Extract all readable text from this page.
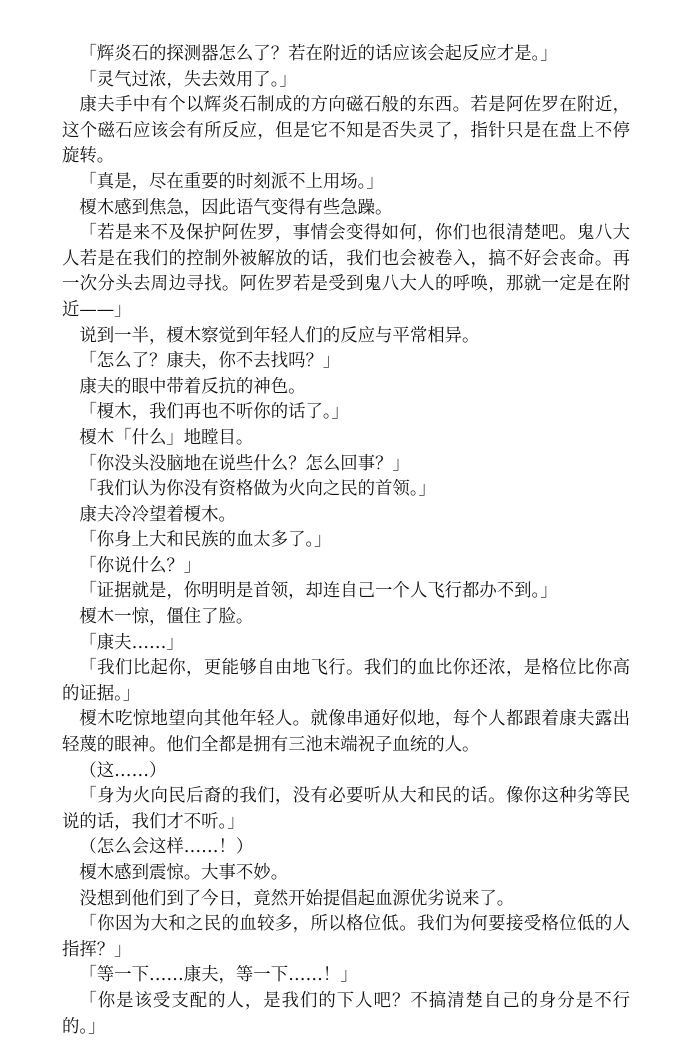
「辉炎石的探测器怎么了？若在附近的话应该会起反应才是。」

「灵气过浓，失去效用了。」

康夫手中有个以辉炎石制成的方向磁石般的东西。若是阿佐罗在附近，这个磁石应该会有所反应，但是它不知是否失灵了，指针只是在盘上不停旋转。

「真是，尽在重要的时刻派不上用场。」

榎木感到焦急，因此语气变得有些急躁。

「若是来不及保护阿佐罗，事情会变得如何，你们也很清楚吧。鬼八大人若是在我们的控制外被解放的话，我们也会被卷入，搞不好会丧命。再一次分头去周边寻找。阿佐罗若是受到鬼八大人的呼唤，那就一定是在附近——」

说到一半，榎木察觉到年轻人们的反应与平常相异。

「怎么了？康夫，你不去找吗？」

康夫的眼中带着反抗的神色。

「榎木，我们再也不听你的话了。」

榎木「什么」地瞠目。

「你没头没脑地在说些什么？怎么回事？」

「我们认为你没有资格做为火向之民的首领。」

康夫冷冷望着榎木。

「你身上大和民族的血太多了。」

「你说什么？」

「证据就是，你明明是首领，却连自己一个人飞行都办不到。」

榎木一惊，僵住了脸。

「康夫……」

「我们比起你，更能够自由地飞行。我们的血比你还浓，是格位比你高的证据。」

榎木吃惊地望向其他年轻人。就像串通好似地，每个人都跟着康夫露出轻蔑的眼神。他们全都是拥有三池末端祝子血统的人。

（这……）

「身为火向民后裔的我们，没有必要听从大和民的话。像你这种劣等民说的话，我们才不听。」

（怎么会这样……！）

榎木感到震惊。大事不妙。

没想到他们到了今日，竟然开始提倡起血源优劣说来了。

「你因为大和之民的血较多，所以格位低。我们为何要接受格位低的人指挥？」

「等一下……康夫，等一下……！」

「你是该受支配的人，是我们的下人吧？不搞清楚自己的身分是不行的。」
